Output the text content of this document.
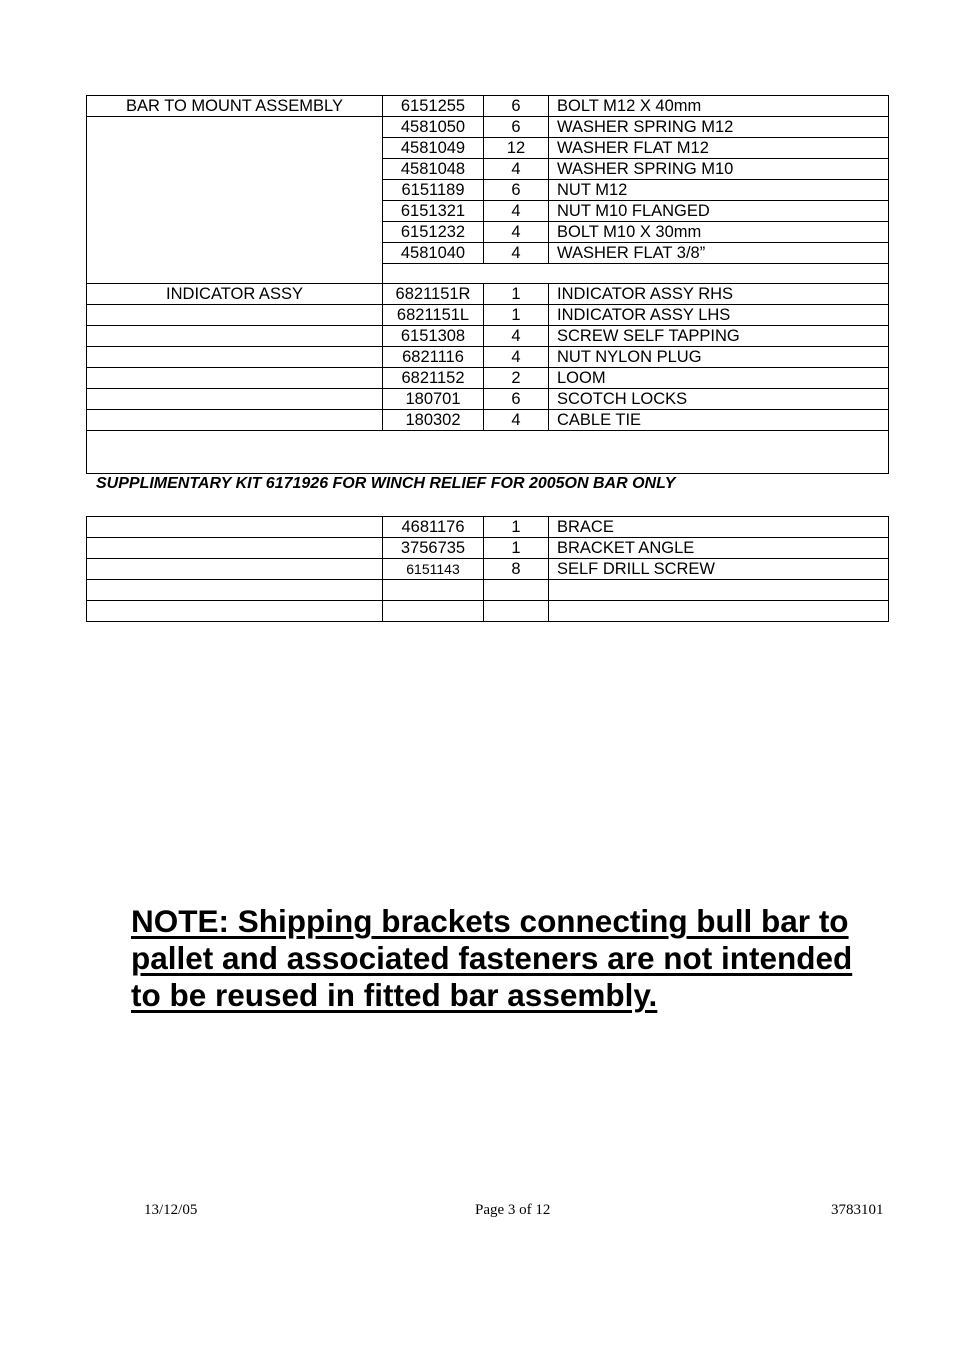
BAR TO MOUNT ASSEMBLY	6151255	6	BOLT M12 X 40mm
	4581050	6	WASHER SPRING M12
	4581049	12	WASHER FLAT M12
	4581048	4	WASHER SPRING M10
	6151189	6	NUT M12
	6151321	4	NUT M10 FLANGED
	6151232	4	BOLT M10 X 30mm
	4581040	4	WASHER FLAT 3/8”

INDICATOR ASSY	6821151R	1	INDICATOR ASSY RHS
	6821151L	1	INDICATOR ASSY LHS
	6151308	4	SCREW SELF TAPPING
	6821116	4	NUT NYLON PLUG
	6821152	2	LOOM
	180701	6	SCOTCH LOCKS
	180302	4	CABLE TIE

SUPPLIMENTARY KIT 6171926 FOR WINCH RELIEF FOR 2005ON BAR ONLY			
	4681176	1	BRACE
	3756735	1	BRACKET ANGLE
	6151143	8	SELF DRILL SCREW

NOTE: Shipping brackets connecting bull bar to pallet and associated fasteners are not intended to be reused in fitted bar assembly.
13/12/05	Page 3 of 12	3783101
